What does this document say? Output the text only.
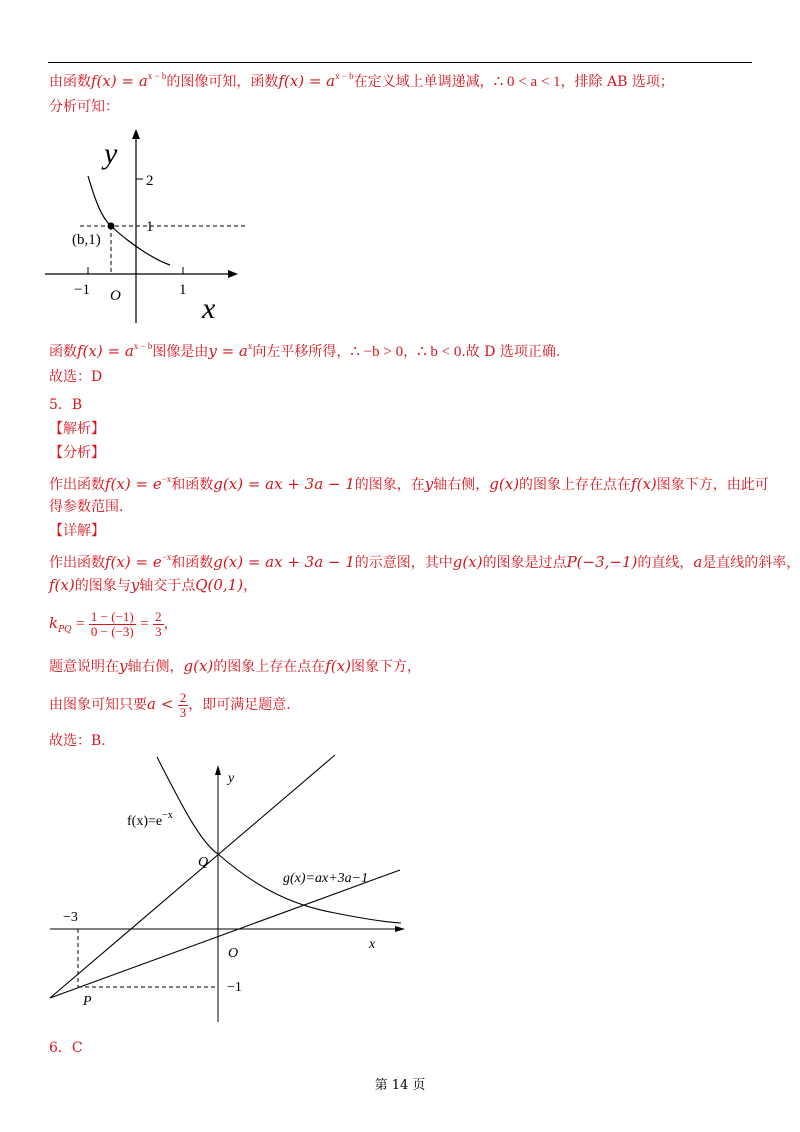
由函数$f(x) = a^{x - b}$的图像可知，函数$f(x) = a^{x - b}$在定义域上单调递减，∴ 0 < a < 1，排除 AB 选项；
分析可知：
y
2
1
(b,1)
−1	1
O	x
函数$f(x) = a^{x - b}$图像是由$y = a^x$向左平移所得，∴ −b > 0，∴ b < 0.故 D 选项正确.
故选：D
5．B
【解析】
【分析】
作出函数$f(x) = e^{-x}$和函数g(x) = ax + 3a − 1的图象，在y轴右侧，g(x)的图象上存在点在f(x)图象下方，由此可
得参数范围.
【详解】
作出函数$f(x) = e^{-x}$和函数g(x) = ax + 3a − 1的示意图，其中g(x)的图象是过点P(−3,−1)的直线，a是直线的斜率，
f(x)的图象与y轴交于点Q(0,1)，
$k_{PQ} = \frac{1 - (-1)}{0 - (-3)} = \frac{2}{3}$ ，
题意说明在y轴右侧，g(x)的图象上存在点在f(x)图象下方，
由图象可知只要$a < \frac{2}{3}$ ，即可满足题意.
故选：B.
y
x
$f(x)=e^{-x}$
g(x)=ax+3a−1
Q
O
−3
−1
P
6．C
第 14 页
